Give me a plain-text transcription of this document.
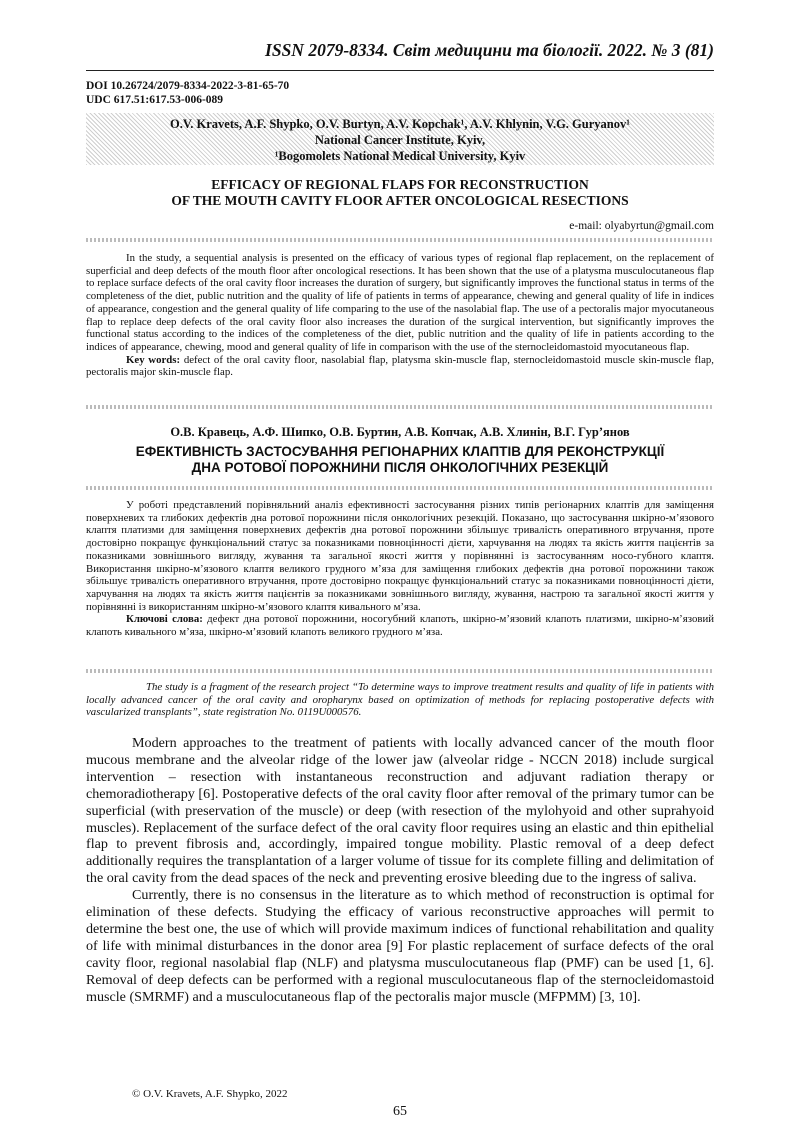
ISSN 2079-8334. Світ медицини та біології. 2022. № 3 (81)
DOI 10.26724/2079-8334-2022-3-81-65-70
UDC 617.51:617.53-006-089
O.V. Kravets, A.F. Shypko, O.V. Burtyn, A.V. Kopchak¹, A.V. Khlynin, V.G. Guryanov¹
National Cancer Institute, Kyiv,
¹Bogomolets National Medical University, Kyiv
EFFICACY OF REGIONAL FLAPS FOR RECONSTRUCTION
OF THE MOUTH CAVITY FLOOR AFTER ONCOLOGICAL RESECTIONS
e-mail: olyabyrtun@gmail.com

In the study, a sequential analysis is presented on the efficacy of various types of regional flap replacement, on the replacement of superficial and deep defects of the mouth floor after oncological resections. It has been shown that the use of a platysma musculocutaneous flap to replace surface defects of the oral cavity floor increases the duration of surgery, but significantly improves the functional status in terms of the completeness of the diet, public nutrition and the quality of life of patients in terms of appearance, chewing and general quality of life in indices of appearance, congestion and the general quality of life comparing to the use of the nasolabial flap. The use of a pectoralis major myocutaneous flap to replace deep defects of the oral cavity floor also increases the duration of the surgical intervention, but significantly improves the functional status according to the indices of the completeness of the diet, public nutrition and the quality of life in patients according to the indices of appearance, chewing, mood and general quality of life in comparison with the use of the sternocleidomastoid myocutaneous flap.

Key words: defect of the oral cavity floor, nasolabial flap, platysma skin-muscle flap, sternocleidomastoid muscle skin-muscle flap, pectoralis major skin-muscle flap.

О.В. Кравець, А.Ф. Шипко, О.В. Буртин, А.В. Копчак, А.В. Хлинін, В.Г. Гур’янов
ЕФЕКТИВНІСТЬ ЗАСТОСУВАННЯ РЕГІОНАРНИХ КЛАПТІВ ДЛЯ РЕКОНСТРУКЦІЇ
ДНА РОТОВОЇ ПОРОЖНИНИ ПІСЛЯ ОНКОЛОГІЧНИХ РЕЗЕКЦІЙ

У роботі представлений порівняльний аналіз ефективності застосування різних типів регіонарних клаптів для заміщення поверхневих та глибоких дефектів дна ротової порожнини після онкологічних резекцій. Показано, що застосування шкірно-м’язового клаптя платизми для заміщення поверхневих дефектів дна ротової порожнини збільшує тривалість оперативного втручання, проте достовірно покращує функціональний статус за показниками повноцінності дієти, харчування на людях та якість життя пацієнтів за показниками зовнішнього вигляду, жування та загальної якості життя у порівнянні із застосуванням носо-губного клаптя. Використання шкірно-м’язового клаптя великого грудного м’яза для заміщення глибоких дефектів дна ротової порожнини також збільшує тривалість оперативного втручання, проте достовірно покращує функціональний статус за показниками повноцінності дієти, харчування на людях та якість життя пацієнтів за показниками зовнішнього вигляду, жування, настрою та загальної якості життя у порівнянні із використанням шкірно-м’язового клаптя кивального м’яза.

Ключові слова: дефект дна ротової порожнини, носогубний клапоть, шкірно-м’язовий клапоть платизми, шкірно-м’язовий клапоть кивального м’яза, шкірно-м’язовий клапоть великого грудного м’яза.

The study is a fragment of the research project “To determine ways to improve treatment results and quality of life in patients with locally advanced cancer of the oral cavity and oropharynx based on optimization of methods for replacing postoperative defects with vascularized transplants”, state registration No. 0119U000576.

Modern approaches to the treatment of patients with locally advanced cancer of the mouth floor mucous membrane and the alveolar ridge of the lower jaw (alveolar ridge - NCCN 2018) include surgical intervention – resection with instantaneous reconstruction and adjuvant radiation therapy or chemoradiotherapy [6]. Postoperative defects of the oral cavity floor after removal of the primary tumor can be superficial (with preservation of the muscle) or deep (with resection of the mylohyoid and other suprahyoid muscles). Replacement of the surface defect of the oral cavity floor requires using an elastic and thin epithelial flap to prevent fibrosis and, accordingly, impaired tongue mobility. Plastic removal of a deep defect additionally requires the transplantation of a larger volume of tissue for its complete filling and delimitation of the oral cavity from the dead spaces of the neck and preventing erosive bleeding due to the ingress of saliva.

Currently, there is no consensus in the literature as to which method of reconstruction is optimal for elimination of these defects. Studying the efficacy of various reconstructive approaches will permit to determine the best one, the use of which will provide maximum indices of functional rehabilitation and quality of life with minimal disturbances in the donor area [9] For plastic replacement of surface defects of the oral cavity floor, regional nasolabial flap (NLF) and platysma musculocutaneous flap (PMF) can be used [1, 6]. Removal of deep defects can be performed with a regional musculocutaneous flap of the sternocleidomastoid muscle (SMRMF) and a musculocutaneous flap of the pectoralis major muscle (MFPMM) [3, 10].

© O.V. Kravets, A.F. Shypko, 2022
65
